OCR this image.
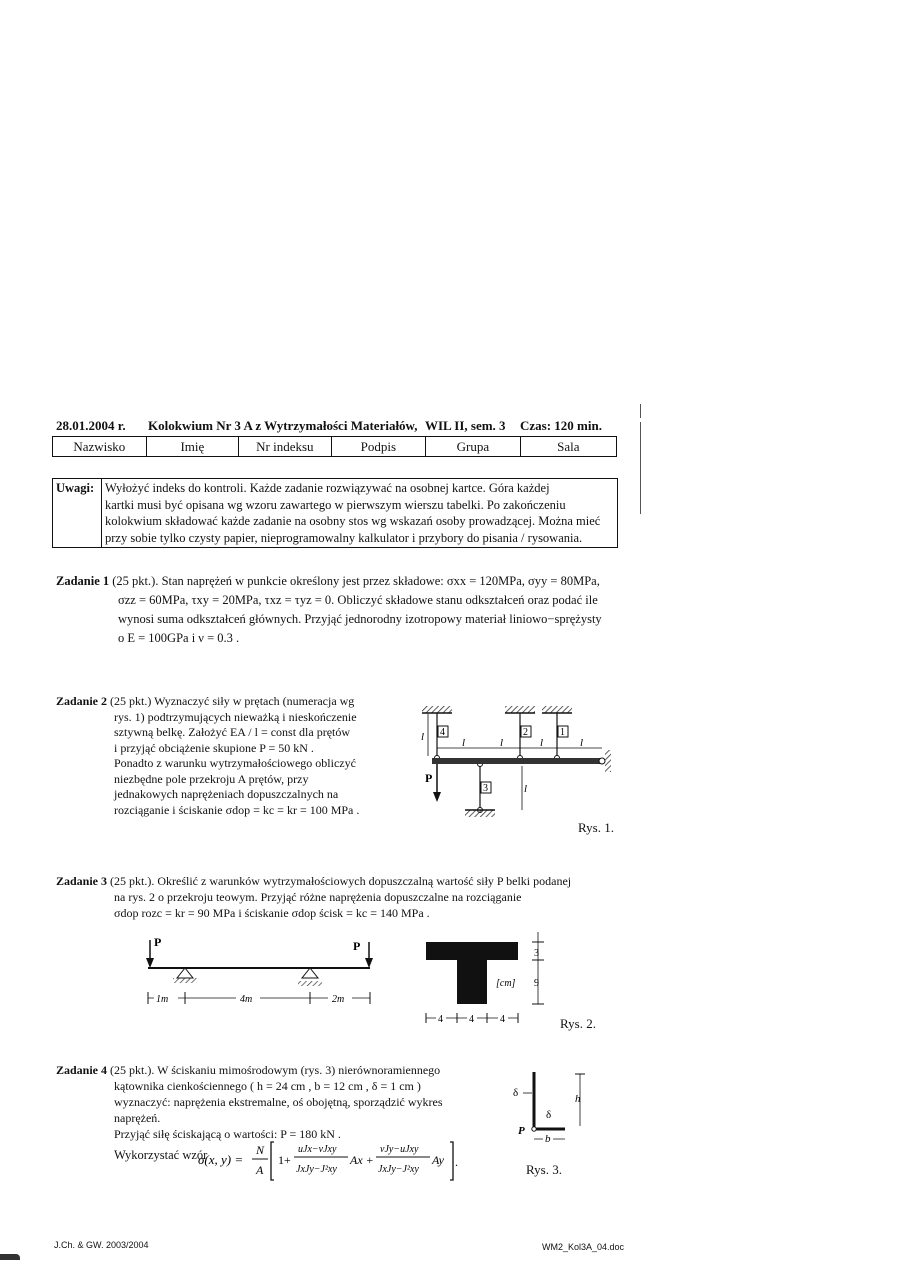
28.01.2004 r. Kolokwium Nr 3 A z Wytrzymałości Materiałów, WIL II, sem. 3 Czas: 120 min.
Nazwisko	Imię	Nr indeksu	Podpis	Grupa	Sala
Uwagi:	Wyłożyć indeks do kontroli. Każde zadanie rozwiązywać na osobnej kartce. Góra każdej
kartki musi być opisana wg wzoru zawartego w pierwszym wierszu tabelki. Po zakończeniu
kolokwium składować każde zadanie na osobny stos wg wskazań osoby prowadzącej. Można mieć
przy sobie tylko czysty papier, nieprogramowalny kalkulator i przybory do pisania / rysowania.
Zadanie 1 (25 pkt.). Stan naprężeń w punkcie określony jest przez składowe: σxx = 120MPa, σyy = 80MPa,
σzz = 60MPa, τxy = 20MPa, τxz = τyz = 0. Obliczyć składowe stanu odkształceń oraz podać ile
wynosi suma odkształceń głównych. Przyjąć jednorodny izotropowy materiał liniowo−sprężysty
o E = 100GPa i ν = 0.3 .
Zadanie 2 (25 pkt.) Wyznaczyć siły w prętach (numeracja wg
rys. 1) podtrzymujących nieważką i nieskończenie
sztywną belkę. Założyć EA / l = const dla prętów
i przyjąć obciążenie skupione P = 50 kN .
Ponadto z warunku wytrzymałościowego obliczyć
niezbędne pole przekroju A prętów, przy
jednakowych naprężeniach dopuszczalnych na
rozciąganie i ściskanie σdop = kc = kr = 100 MPa .
4	2	1
3
l	l	l	l
l
l
P
Rys. 1.
Zadanie 3 (25 pkt.). Określić z warunków wytrzymałościowych dopuszczalną wartość siły P belki podanej
na rys. 2 o przekroju teowym. Przyjąć różne naprężenia dopuszczalne na rozciąganie
σdop rozc = kr = 90 MPa i ściskanie σdop ścisk = kc = 140 MPa .
P	P
1m	4m	2m
3
9
[cm]
4	4	4	Rys. 2.
Zadanie 4 (25 pkt.). W ściskaniu mimośrodowym (rys. 3) nierównoramiennego
kątownika cienkościennego ( h = 24 cm , b = 12 cm , δ = 1 cm )
wyznaczyć: naprężenia ekstremalne, oś obojętną, sporządzić wykres
naprężeń.
Przyjąć siłę ściskającą o wartości: P = 180 kN .
Wykorzystać wzór
σ(x, y) =
N
A
1+
uJx−vJxy
JxJy−J²xy
Ax +
vJy−uJxy
JxJy−J²xy
Ay .
h
δ
δ
b
P
Rys. 3.
J.Ch. & GW. 2003/2004	WM2_Kol3A_04.doc
